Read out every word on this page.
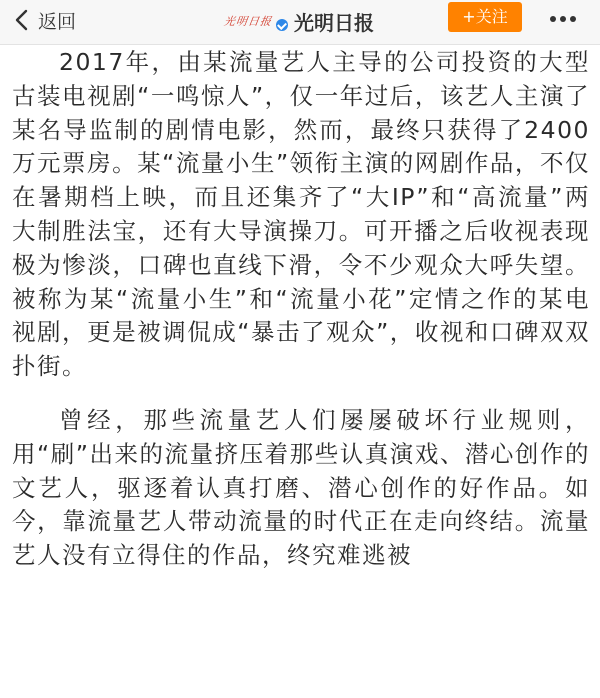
返回	光明日报 光明日报	+关注

2017年，由某流量艺人主导的公司投资的大型古装电视剧“一鸣惊人”，仅一年过后，该艺人主演了某名导监制的剧情电影，然而，最终只获得了2400万元票房。某“流量小生”领衔主演的网剧作品，不仅在暑期档上映，而且还集齐了“大IP”和“高流量”两大制胜法宝，还有大导演操刀。可开播之后收视表现极为惨淡，口碑也直线下滑，令不少观众大呼失望。被称为某“流量小生”和“流量小花”定情之作的某电视剧，更是被调侃成“暴击了观众”，收视和口碑双双扑街。

曾经，那些流量艺人们屡屡破坏行业规则，用“刷”出来的流量挤压着那些认真演戏、潜心创作的文艺人，驱逐着认真打磨、潜心创作的好作品。如今，靠流量艺人带动流量的时代正在走向终结。流量艺人没有立得住的作品，终究难逃被
